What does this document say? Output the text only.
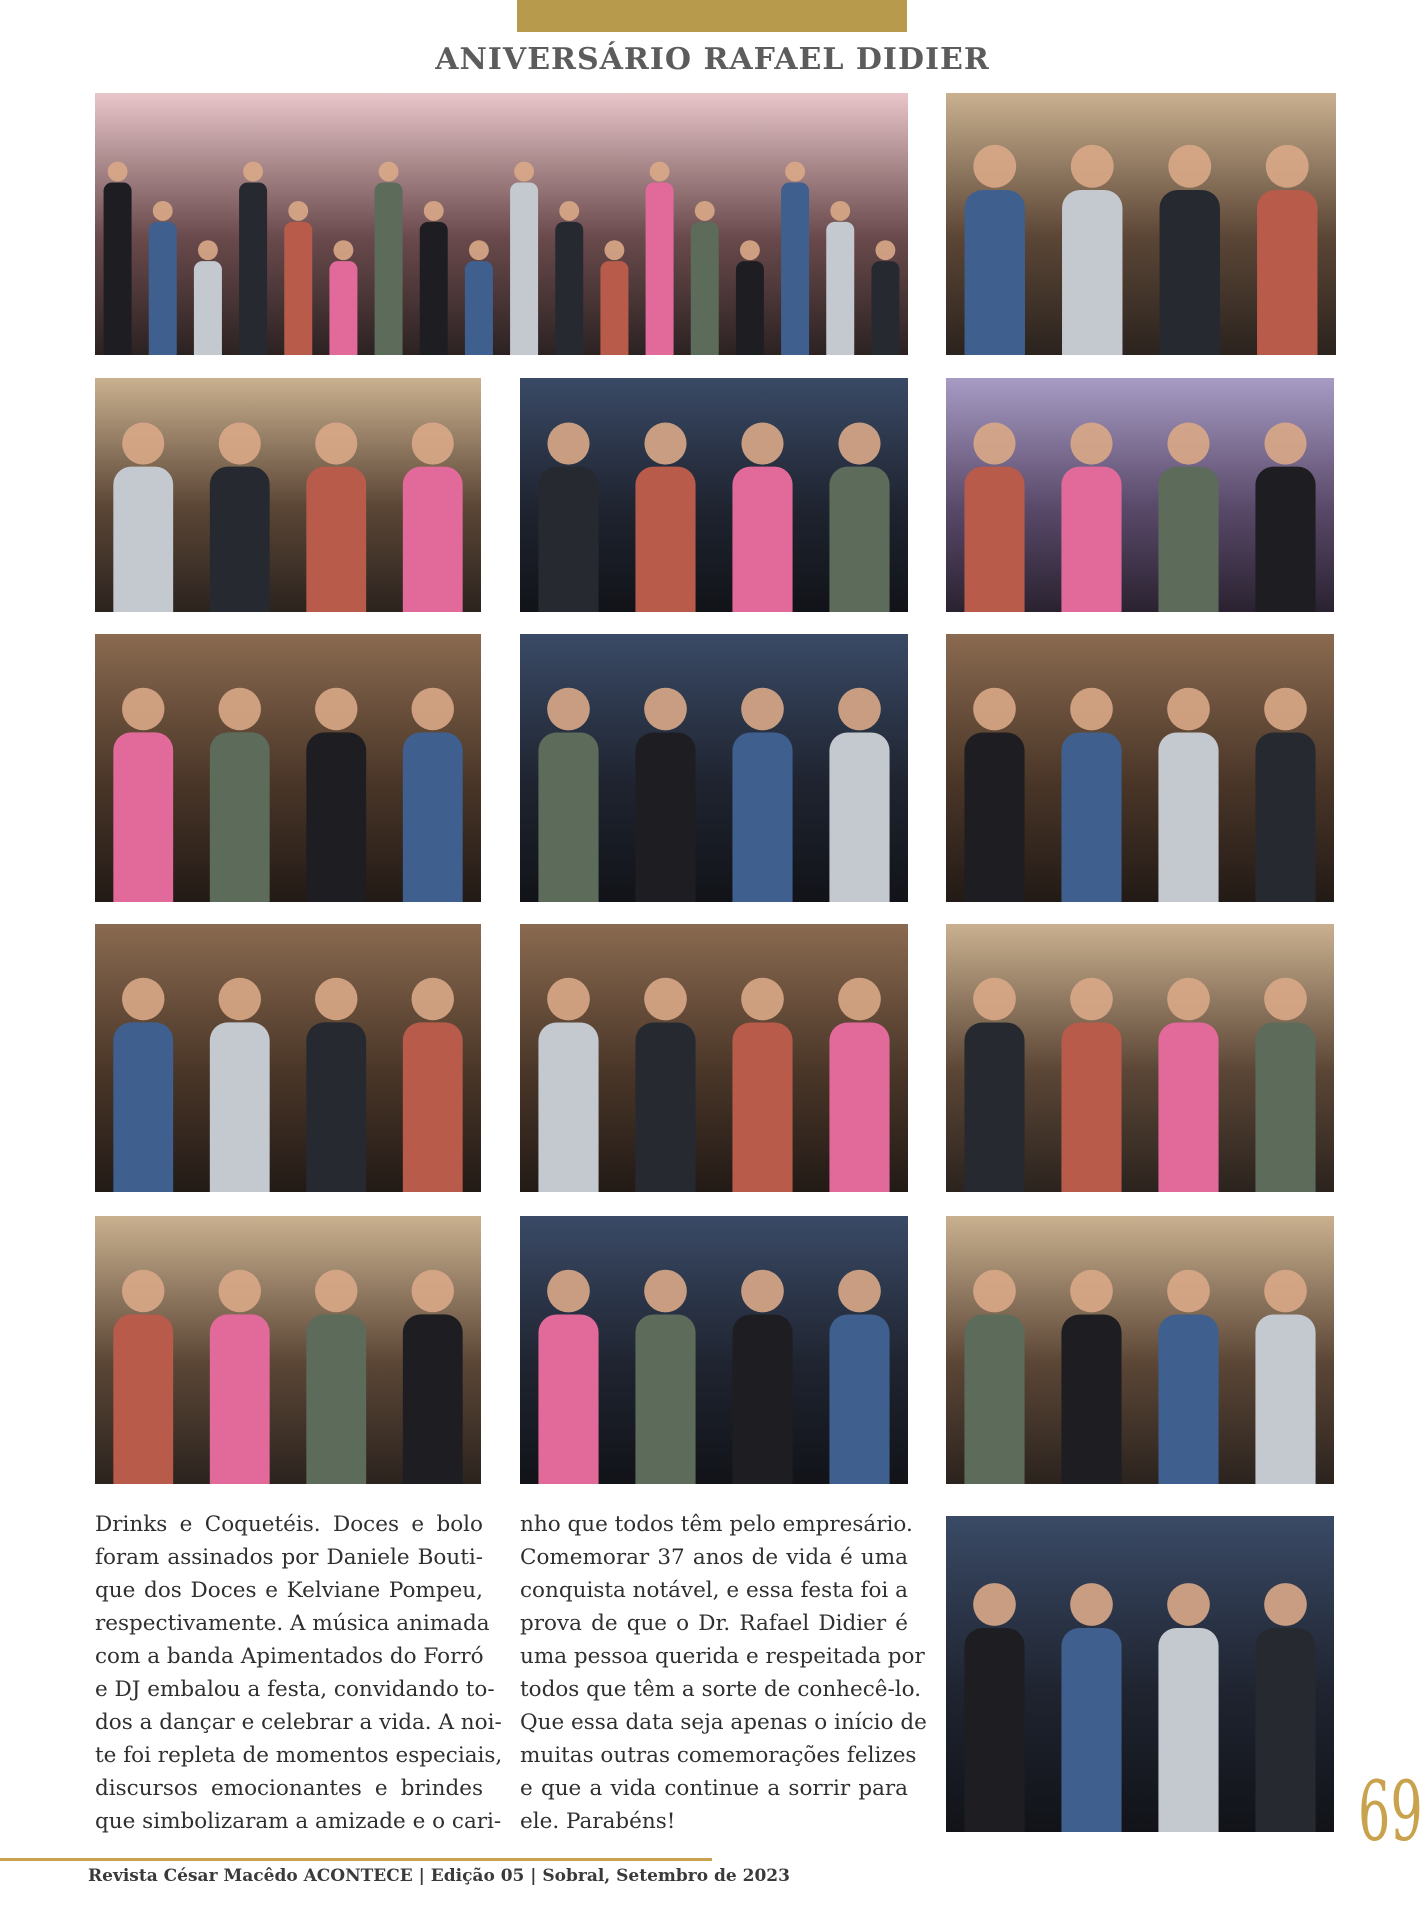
ANIVERSÁRIO RAFAEL DIDIER
Drinks e Coquetéis. Doces e bolo
foram assinados por Daniele Bouti-
que dos Doces e Kelviane Pompeu,
respectivamente. A música animada
com a banda Apimentados do Forró
e DJ embalou a festa, convidando to-
dos a dançar e celebrar a vida. A noi-
te foi repleta de momentos especiais,
discursos emocionantes e brindes
que simbolizaram a amizade e o cari-
nho que todos têm pelo empresário.
Comemorar 37 anos de vida é uma
conquista notável, e essa festa foi a
prova de que o Dr. Rafael Didier é
uma pessoa querida e respeitada por
todos que têm a sorte de conhecê-lo.
Que essa data seja apenas o início de
muitas outras comemorações felizes
e que a vida continue a sorrir para
ele. Parabéns!
Revista César Macêdo ACONTECE | Edição 05 | Sobral, Setembro de 2023
69
